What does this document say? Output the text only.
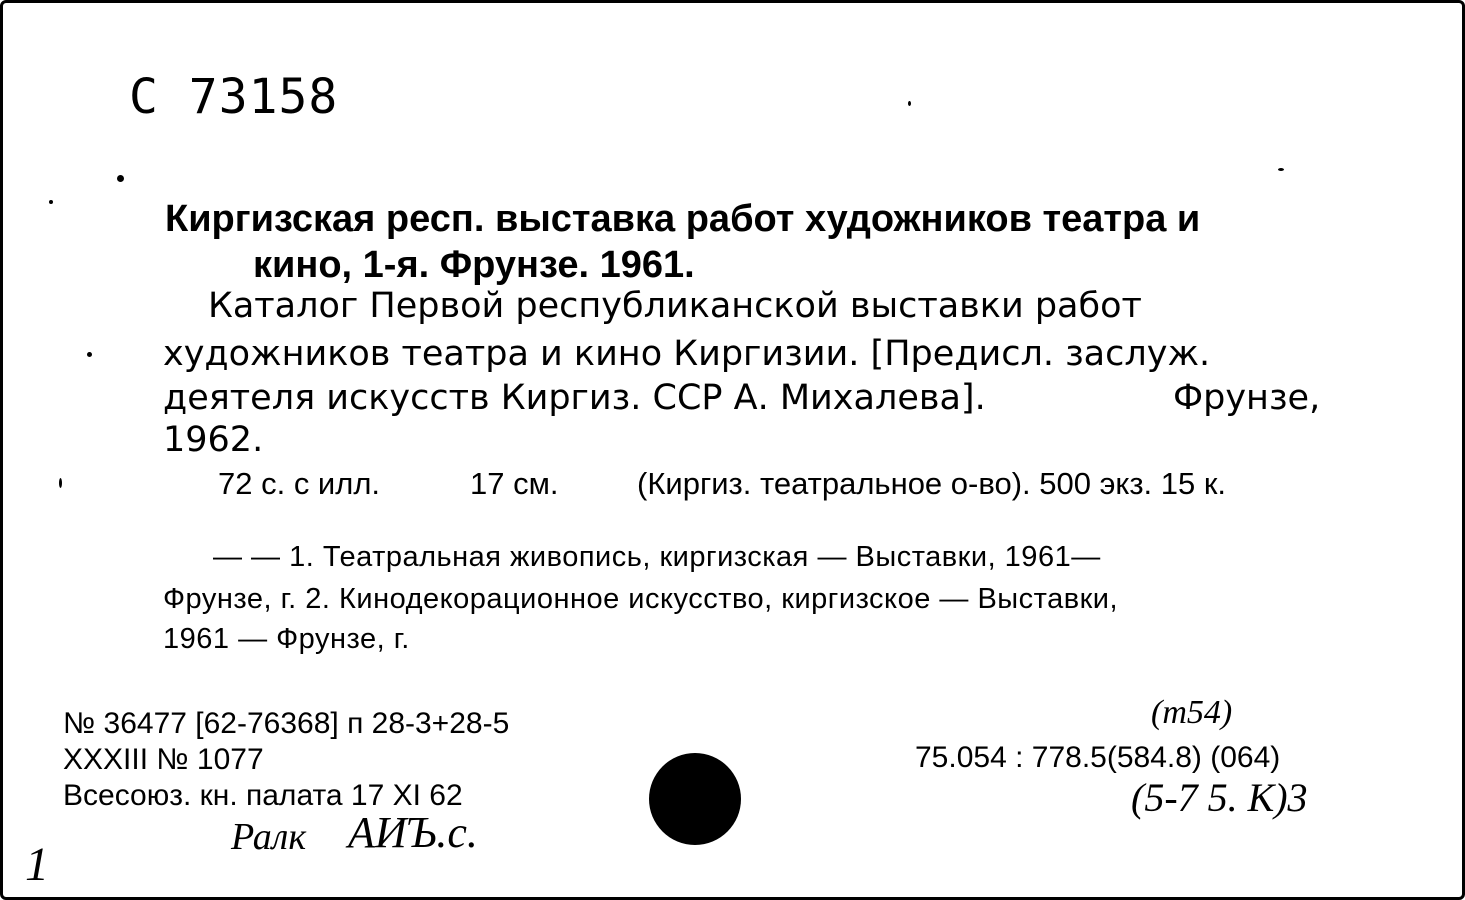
С 73158
Киргизская респ. выставка работ художников театра и
кино, 1-я. Фрунзе. 1961.
Каталог Первой республиканской выставки работ
художников театра и кино Киргизии. [Предисл. заслуж.
деятеля искусств Киргиз. ССР А. Михалева].	Фрунзе,
1962.
72 с. с илл.	17 см.	(Киргиз. театральное о-во). 500 экз. 15 к.
— — 1. Театральная живопись, киргизская — Выставки, 1961—
Фрунзе, г. 2. Кинодекорационное искусство, киргизское — Выставки,
1961 — Фрунзе, г.
№ 36477 [62-76368] п 28-3+28-5
XXXIII № 1077
Всесоюз. кн. палата 17 XI 62
(т54)
75.054 : 778.5(584.8) (064)
(5-7 5. К)3
Ралк АИЪ.с.
1
